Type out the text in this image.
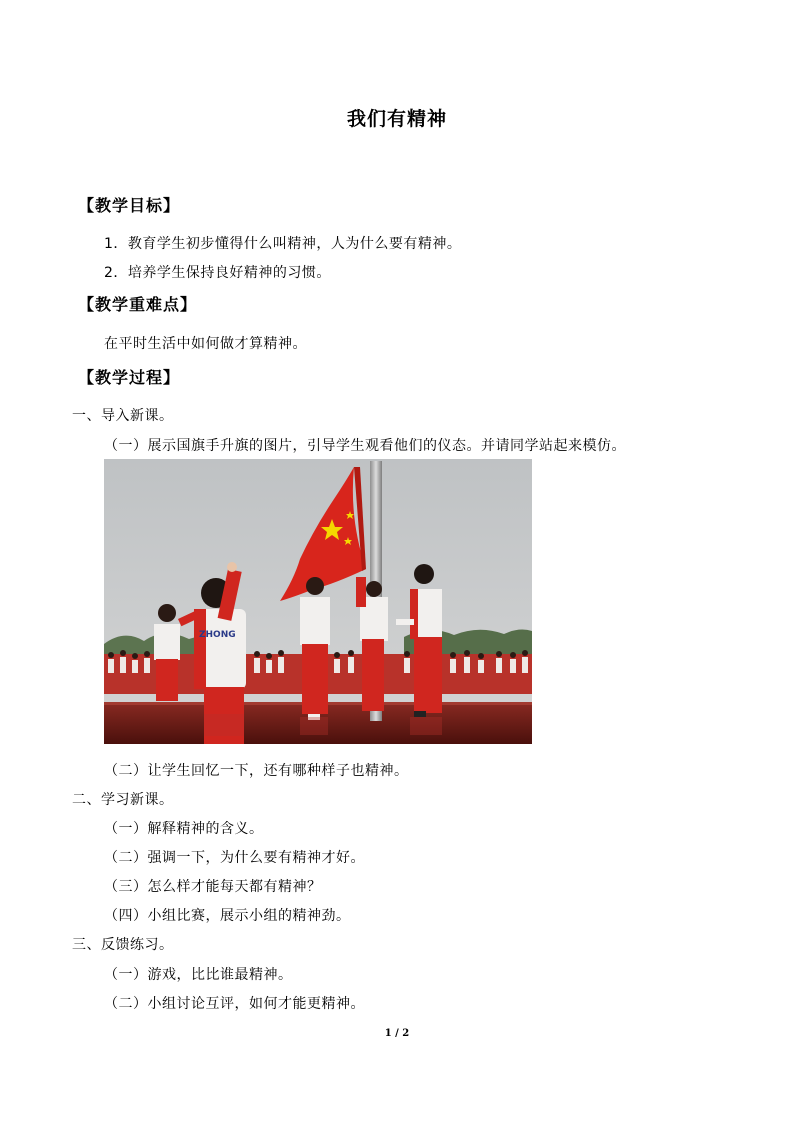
我们有精神
【教学目标】
1．教育学生初步懂得什么叫精神，人为什么要有精神。
2．培养学生保持良好精神的习惯。
【教学重难点】
在平时生活中如何做才算精神。
【教学过程】
一、导入新课。
（一）展示国旗手升旗的图片，引导学生观看他们的仪态。并请同学站起来模仿。
ZHONG
（二）让学生回忆一下，还有哪种样子也精神。
二、学习新课。
（一）解释精神的含义。
（二）强调一下，为什么要有精神才好。
（三）怎么样才能每天都有精神？
（四）小组比赛，展示小组的精神劲。
三、反馈练习。
（一）游戏，比比谁最精神。
（二）小组讨论互评，如何才能更精神。
1 / 2
